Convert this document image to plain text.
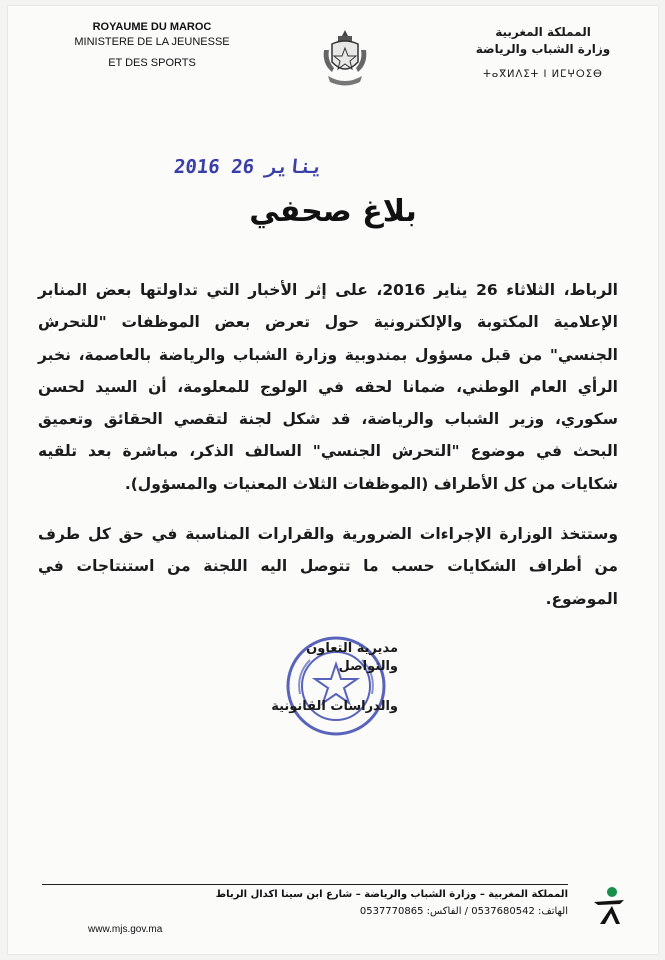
ROYAUME DU MAROC
MINISTERE DE LA JEUNESSE
ET DES SPORTS
المملكة المغربية
وزارة الشباب والرياضة
ⵜⴰⴳⵍⴷⵉⵜ ⵏ ⵍⵎⵖⵔⵉⴱ
2016 يناير 26
بلاغ صحفي

الرباط، الثلاثاء 26 يناير 2016، على إثر الأخبار التي تداولتها بعض المنابر الإعلامية المكتوبة والإلكترونية حول تعرض بعض الموظفات "للتحرش الجنسي" من قبل مسؤول بمندوبية وزارة الشباب والرياضة بالعاصمة، نخبر الرأي العام الوطني، ضمانا لحقه في الولوج للمعلومة، أن السيد لحسن سكوري، وزير الشباب والرياضة، قد شكل لجنة لتقصي الحقائق وتعميق البحث في موضوع "التحرش الجنسي" السالف الذكر، مباشرة بعد تلقيه شكايات من كل الأطراف (الموظفات الثلاث المعنيات والمسؤول).

وستتخذ الوزارة الإجراءات الضرورية والقرارات المناسبة في حق كل طرف من أطراف الشكايات حسب ما تتوصل اليه اللجنة من استنتاجات في الموضوع.

مديرية التعاون والتواصل
والدراسات القانونية
المملكة المغربية – وزارة الشباب والرياضة – شارع ابن سينا اكدال الرباط
الهاتف: 0537680542 / الفاكس: 0537770865
www.mjs.gov.ma
